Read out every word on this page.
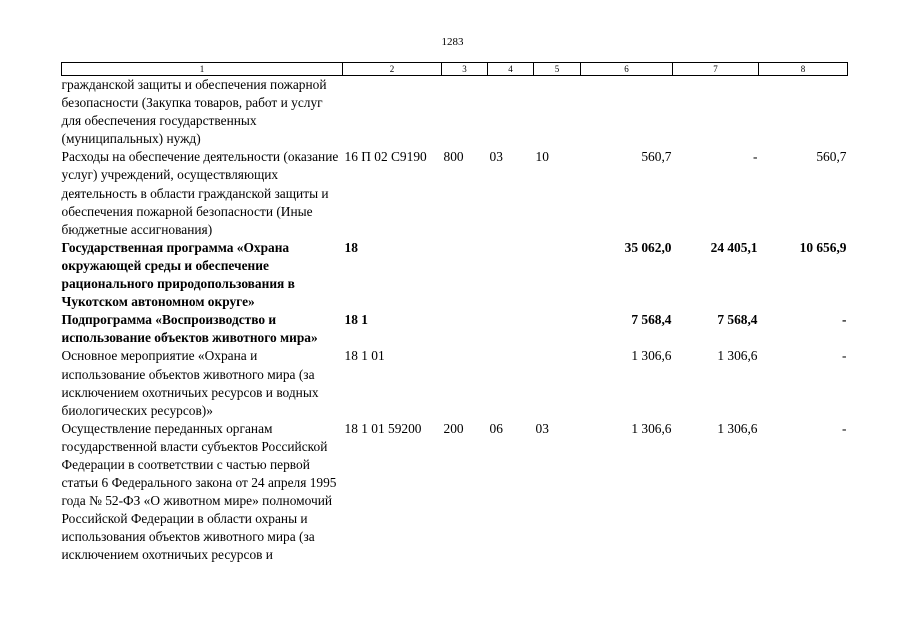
1283
1	2	3	4	5	6	7	8
гражданской защиты и обеспечения пожарной безопасности (Закупка товаров, работ и услуг для обеспечения государственных (муниципальных) нужд)							
Расходы на обеспечение деятельности (оказание услуг) учреждений, осуществляющих деятельность в области гражданской защиты и обеспечения пожарной безопасности (Иные бюджетные ассигнования)	16 П 02 С9190	800	03	10	560,7	-	560,7
Государственная программа «Охрана окружающей среды и обеспечение рационального природопользования в Чукотском автономном округе»	18				35 062,0	24 405,1	10 656,9
Подпрограмма «Воспроизводство и использование объектов животного мира»	18 1				7 568,4	7 568,4	-
Основное мероприятие «Охрана и использование объектов животного мира (за исключением охотничьих ресурсов и водных биологических ресурсов)»	18 1 01				1 306,6	1 306,6	-
Осуществление переданных органам государственной власти субъектов Российской Федерации в соответствии с частью первой статьи 6 Федерального закона от 24 апреля 1995 года № 52-ФЗ «О животном мире» полномочий Российской Федерации в области охраны и использования объектов животного мира (за исключением охотничьих ресурсов и	18 1 01 59200	200	06	03	1 306,6	1 306,6	-
